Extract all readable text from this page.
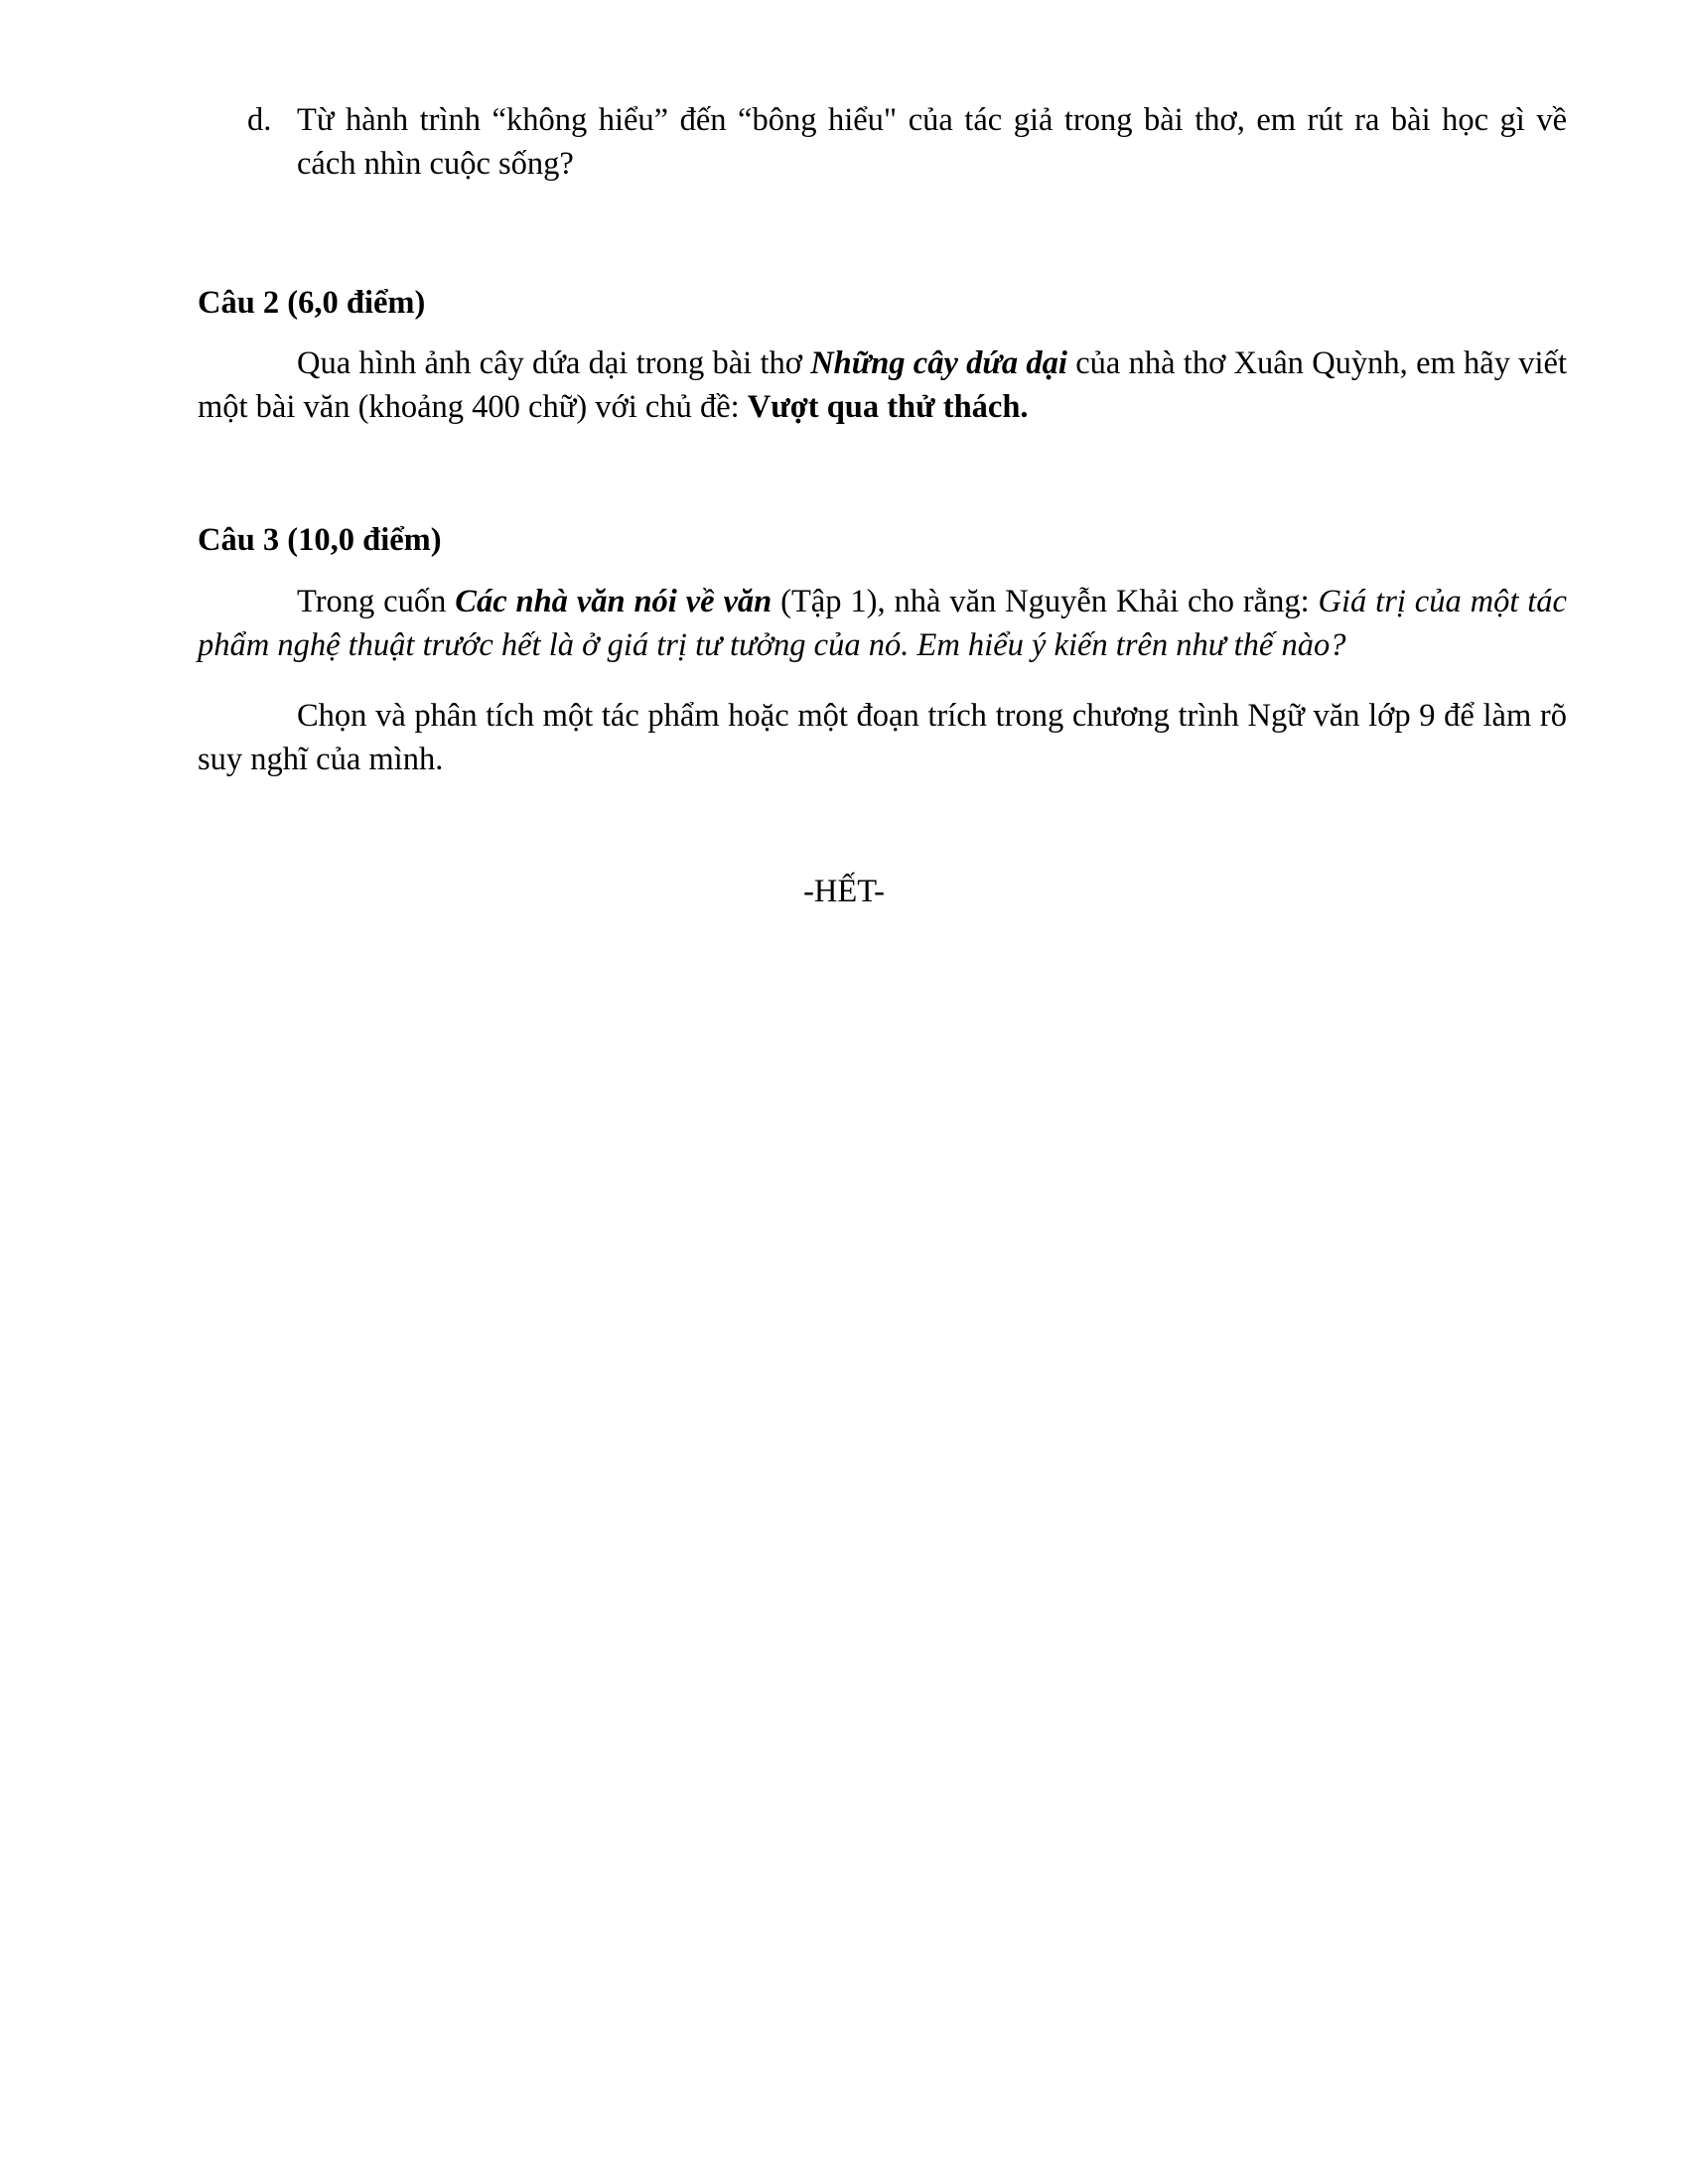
d. Từ hành trình “không hiểu” đến “bông hiểu" của tác giả trong bài thơ, em rút ra bài học gì về cách nhìn cuộc sống?

Câu 2 (6,0 điểm)

Qua hình ảnh cây dứa dại trong bài thơ Những cây dứa dại của nhà thơ Xuân Quỳnh, em hãy viết một bài văn (khoảng 400 chữ) với chủ đề: Vượt qua thử thách.

Câu 3 (10,0 điểm)

Trong cuốn Các nhà văn nói về văn (Tập 1), nhà văn Nguyễn Khải cho rằng: Giá trị của một tác phẩm nghệ thuật trước hết là ở giá trị tư tưởng của nó. Em hiểu ý kiến trên như thế nào?

Chọn và phân tích một tác phẩm hoặc một đoạn trích trong chương trình Ngữ văn lớp 9 để làm rõ suy nghĩ của mình.

-HẾT-
